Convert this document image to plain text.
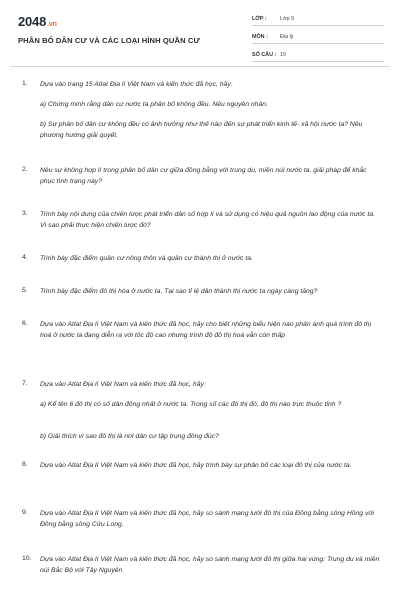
2048.vn
PHÂN BỐ DÂN CƯ VÀ CÁC LOẠI HÌNH QUẦN CƯ
LỚP :	Lớp 9
MÔN :	Địa lý
SỐ CÂU : 10
1. Dựa vào trang 15 Atlat Địa lí Việt Nam và kiến thức đã học, hãy:
a) Chứng minh rằng dân cư nước ta phân bố không đều. Nêu nguyên nhân.
b) Sự phân bố dân cư không đều có ảnh hưởng như thế nào đến sự phát triển kinh tế- xã hội nước ta? Nêu phương hướng giải quyết.
2. Nêu sự không hợp lí trong phân bố dân cư giữa đồng bằng với trung du, miền núi nước ta. giải pháp để khắc phục tình trạng này?
3. Trình bày nội dung của chiến lược phát triển dân số hợp lí và sử dụng có hiệu quả nguồn lao động của nước ta. Vì sao phải thực hiện chiến lược đó?
4. Trình bày đặc điểm quần cư nông thôn và quần cư thành thị ở nước ta.
5. Trình bày đặc điểm đô thị hóa ở nước ta. Tại sao tỉ lệ dân thành thị nước ta ngày càng tăng?
6. Dựa vào Atlat Địa lí Việt Nam và kiến thức đã học, hãy cho biết những biểu hiện nào phản ánh quá trình đô thị hoá ở nước ta đang diễn ra với tốc độ cao nhưng trình độ đô thị hoá vẫn còn thấp
7. Dựa vào Atlat Địa lí Việt Nam và kiến thức đã học, hãy:
a) Kể tên 6 đô thị có số dân đông nhất ở nước ta. Trong số các đô thị đó, đô thị nào trực thuộc tỉnh ?
b) Giải thích vì sao đô thị là nơi dân cư tập trung đông đúc?
8. Dựa vào Atlat Địa lí Việt Nam và kiến thức đã học, hãy trình bày sự phân bố các loại đô thị của nước ta.
9. Dựa vào Atlat Địa lí Việt Nam và kiến thức đã học, hãy so sánh mạng lưới đô thị của Đồng bằng sông Hồng với Đồng bằng sông Cửu Long.
10. Dựa vào Atlat Địa lí Việt Nam và kiến thức đã học, hãy so sánh mạng lưới đô thị giữa hai vùng: Trung du và miền núi Bắc Bộ với Tây Nguyên
